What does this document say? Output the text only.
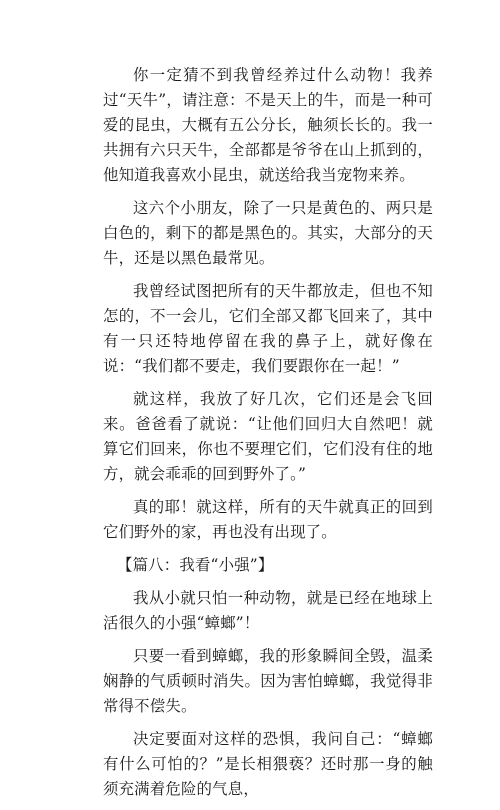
你一定猜不到我曾经养过什么动物！我养过“天牛”，请注意：不是天上的牛，而是一种可爱的昆虫，大概有五公分长，触须长长的。我一共拥有六只天牛，全部都是爷爷在山上抓到的，他知道我喜欢小昆虫，就送给我当宠物来养。

这六个小朋友，除了一只是黄色的、两只是白色的，剩下的都是黑色的。其实，大部分的天牛，还是以黑色最常见。

我曾经试图把所有的天牛都放走，但也不知怎的，不一会儿，它们全部又都飞回来了，其中有一只还特地停留在我的鼻子上，就好像在说：“我们都不要走，我们要跟你在一起！”

就这样，我放了好几次，它们还是会飞回来。爸爸看了就说：“让他们回归大自然吧！就算它们回来，你也不要理它们，它们没有住的地方，就会乖乖的回到野外了。”

真的耶！就这样，所有的天牛就真正的回到它们野外的家，再也没有出现了。

【篇八：我看“小强”】

我从小就只怕一种动物，就是已经在地球上活很久的小强“蟑螂”！

只要一看到蟑螂，我的形象瞬间全毁，温柔娴静的气质顿时消失。因为害怕蟑螂，我觉得非常得不偿失。

决定要面对这样的恐惧，我问自己：“蟑螂有什么可怕的？”是长相猥亵？还时那一身的触须充满着危险的气息，
